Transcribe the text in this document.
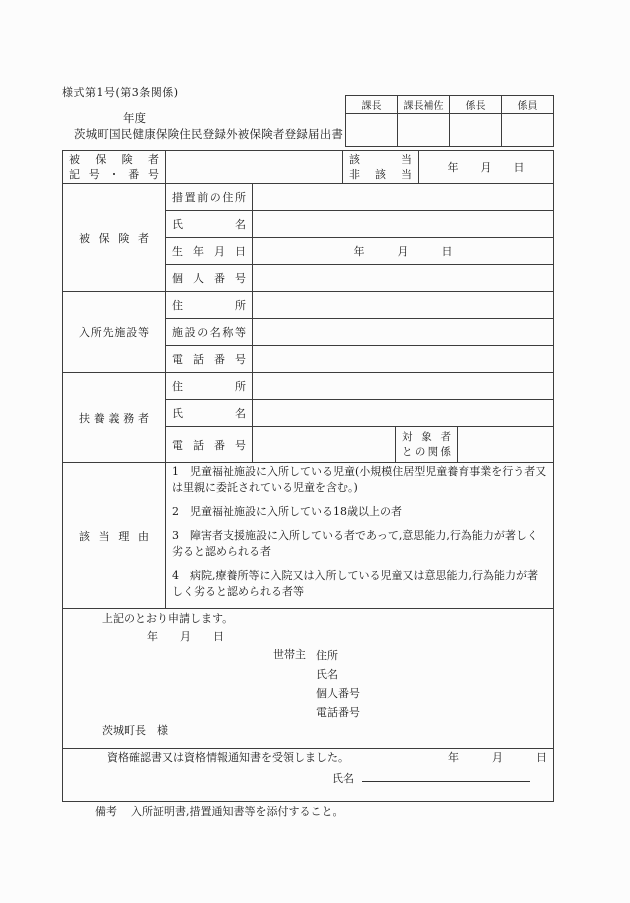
様式第1号(第3条関係)
課長	課長補佐	係長	係員

年度
茨城町国民健康保険住民登録外被保険者登録届出書
被保険者
記号・番号

該当
非該当
	年　　月　　日

被保険者	措置前の住所					

	氏名					

	生年月日	年　　　月　　　日				

	個人番号					

入所先施設等	住所					

	施設の名称等					

	電話番号					

扶養義務者	住所					

	氏名					

	電話番号			対象者
との関係		

該当理由	1　児童福祉施設に入所している児童(小規模住居型児童養育事業を行う者又は里親に委託されている児童を含む。)

2　児童福祉施設に入所している18歳以上の者

3　障害者支援施設に入所している者であって,意思能力,行為能力が著しく劣ると認められる者

4　病院,療養所等に入院又は入所している児童又は意思能力,行為能力が著しく劣ると認められる者等					

上記のとおり申請します。
年　　月　　日
世帯主 住所
氏名
個人番号
電話番号
茨城町長　様

資格確認書又は資格情報通知書を受領しました。 年　　　月　　　日
氏名						
備考 入所証明書,措置通知書等を添付すること。
